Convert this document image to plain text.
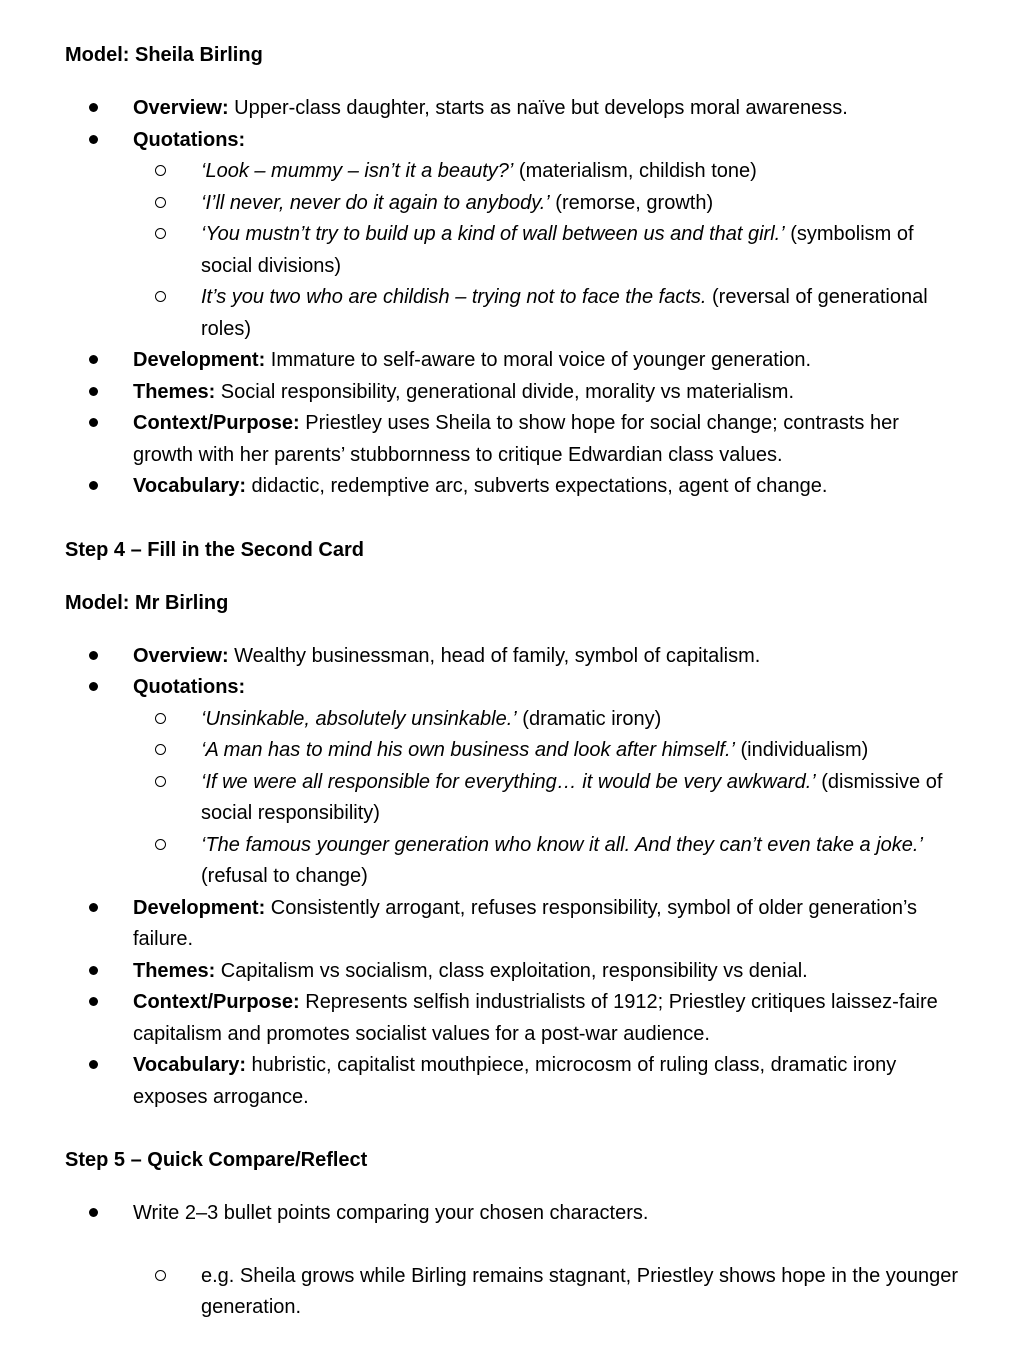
Model: Sheila Birling

Overview: Upper-class daughter, starts as naïve but develops moral awareness.
Quotations:
‘Look – mummy – isn’t it a beauty?’ (materialism, childish tone)
‘I’ll never, never do it again to anybody.’ (remorse, growth)
‘You mustn’t try to build up a kind of wall between us and that girl.’ (symbolism of social divisions)
It’s you two who are childish – trying not to face the facts. (reversal of generational roles)
Development: Immature to self-aware to moral voice of younger generation.
Themes: Social responsibility, generational divide, morality vs materialism.
Context/Purpose: Priestley uses Sheila to show hope for social change; contrasts her growth with her parents’ stubbornness to critique Edwardian class values.
Vocabulary: didactic, redemptive arc, subverts expectations, agent of change.

Step 4 – Fill in the Second Card

Model: Mr Birling

Overview: Wealthy businessman, head of family, symbol of capitalism.
Quotations:
‘Unsinkable, absolutely unsinkable.’ (dramatic irony)
‘A man has to mind his own business and look after himself.’ (individualism)
‘If we were all responsible for everything… it would be very awkward.’ (dismissive of social responsibility)
‘The famous younger generation who know it all. And they can’t even take a joke.’ (refusal to change)
Development: Consistently arrogant, refuses responsibility, symbol of older generation’s failure.
Themes: Capitalism vs socialism, class exploitation, responsibility vs denial.
Context/Purpose: Represents selfish industrialists of 1912; Priestley critiques laissez-faire capitalism and promotes socialist values for a post-war audience.
Vocabulary: hubristic, capitalist mouthpiece, microcosm of ruling class, dramatic irony exposes arrogance.

Step 5 – Quick Compare/Reflect

Write 2–3 bullet points comparing your chosen characters.
e.g. Sheila grows while Birling remains stagnant, Priestley shows hope in the younger generation.
